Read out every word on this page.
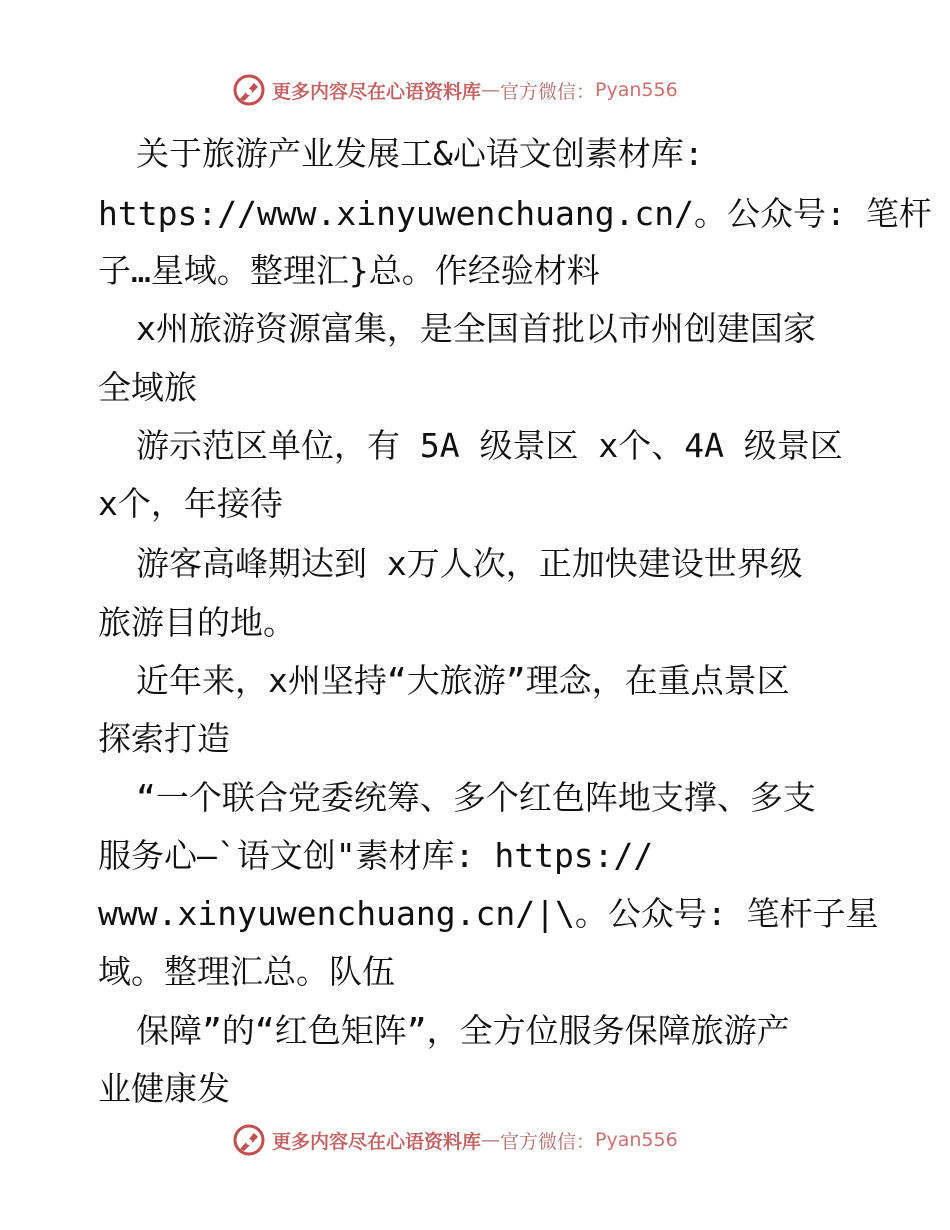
更多内容尽在心语资料库 — 官方微信： Pyan556
关于旅游产业发展工&心语文创素材库:
https://www.xinyuwenchuang.cn/。公众号: 笔杆
子…星域。整理汇}总。作经验材料
x州旅游资源富集，是全国首批以市州创建国家
全域旅
游示范区单位，有 5A 级景区 x个、4A 级景区
x个，年接待
游客高峰期达到 x万人次，正加快建设世界级
旅游目的地。
近年来，x州坚持“大旅游”理念，在重点景区
探索打造
“一个联合党委统筹、多个红色阵地支撑、多支
服务心—`语文创"素材库: https://
www.xinyuwenchuang.cn/|\。公众号: 笔杆子星
域。整理汇总。队伍
保障”的“红色矩阵”，全方位服务保障旅游产
业健康发
更多内容尽在心语资料库 — 官方微信： Pyan556
